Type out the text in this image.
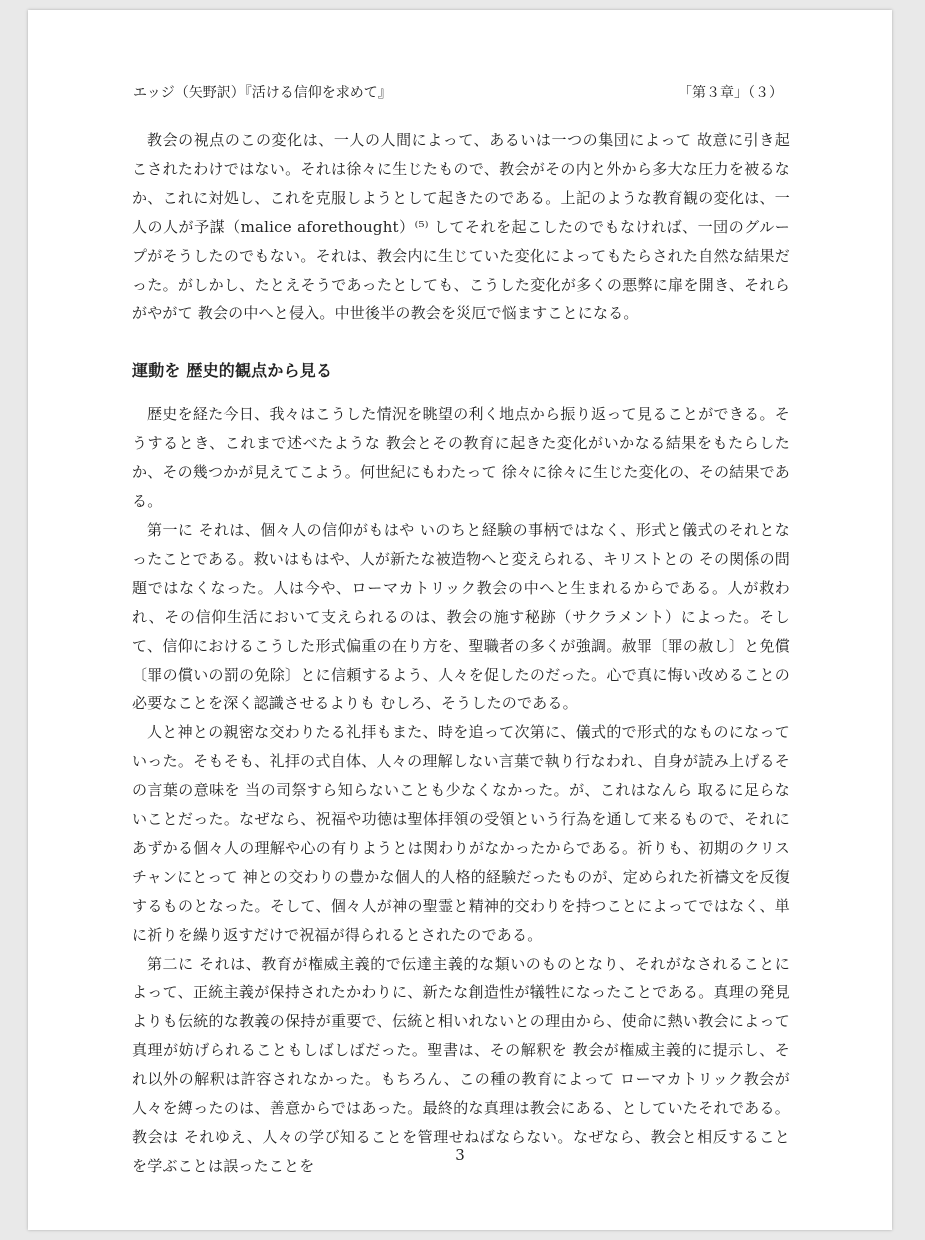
エッジ（矢野訳）『活ける信仰を求めて』	「第３章」（３）

教会の視点のこの変化は、一人の人間によって、あるいは一つの集団によって 故意に引き起こされたわけではない。それは徐々に生じたもので、教会がその内と外から多大な圧力を被るなか、これに対処し、これを克服しようとして起きたのである。上記のような教育観の変化は、一人の人が予謀（malice aforethought）⁽⁵⁾ してそれを起こしたのでもなければ、一団のグループがそうしたのでもない。それは、教会内に生じていた変化によってもたらされた自然な結果だった。がしかし、たとえそうであったとしても、こうした変化が多くの悪弊に扉を開き、それらがやがて 教会の中へと侵入。中世後半の教会を災厄で悩ますことになる。

運動を 歴史的観点から見る

歴史を経た今日、我々はこうした情況を眺望の利く地点から振り返って見ることができる。そうするとき、これまで述べたような 教会とその教育に起きた変化がいかなる結果をもたらしたか、その幾つかが見えてこよう。何世紀にもわたって 徐々に徐々に生じた変化の、その結果である。

第一に それは、個々人の信仰がもはや いのちと経験の事柄ではなく、形式と儀式のそれとなったことである。救いはもはや、人が新たな被造物へと変えられる、キリストとの その関係の問題ではなくなった。人は今や、ローマカトリック教会の中へと生まれるからである。人が救われ、その信仰生活において支えられるのは、教会の施す秘跡（サクラメント）によった。そして、信仰におけるこうした形式偏重の在り方を、聖職者の多くが強調。赦罪〔罪の赦し〕と免償〔罪の償いの罰の免除〕とに信頼するよう、人々を促したのだった。心で真に悔い改めることの必要なことを深く認識させるよりも むしろ、そうしたのである。

人と神との親密な交わりたる礼拝もまた、時を追って次第に、儀式的で形式的なものになっていった。そもそも、礼拝の式自体、人々の理解しない言葉で執り行なわれ、自身が読み上げるその言葉の意味を 当の司祭すら知らないことも少なくなかった。が、これはなんら 取るに足らないことだった。なぜなら、祝福や功徳は聖体拝領の受領という行為を通して来るもので、それにあずかる個々人の理解や心の有りようとは関わりがなかったからである。祈りも、初期のクリスチャンにとって 神との交わりの豊かな個人的人格的経験だったものが、定められた祈禱文を反復するものとなった。そして、個々人が神の聖霊と精神的交わりを持つことによってではなく、単に祈りを繰り返すだけで祝福が得られるとされたのである。

第二に それは、教育が権威主義的で伝達主義的な類いのものとなり、それがなされることによって、正統主義が保持されたかわりに、新たな創造性が犠牲になったことである。真理の発見よりも伝統的な教義の保持が重要で、伝統と相いれないとの理由から、使命に熱い教会によって 真理が妨げられることもしばしばだった。聖書は、その解釈を 教会が権威主義的に提示し、それ以外の解釈は許容されなかった。もちろん、この種の教育によって ローマカトリック教会が人々を縛ったのは、善意からではあった。最終的な真理は教会にある、としていたそれである。教会は それゆえ、人々の学び知ることを管理せねばならない。なぜなら、教会と相反することを学ぶことは誤ったことを

3
